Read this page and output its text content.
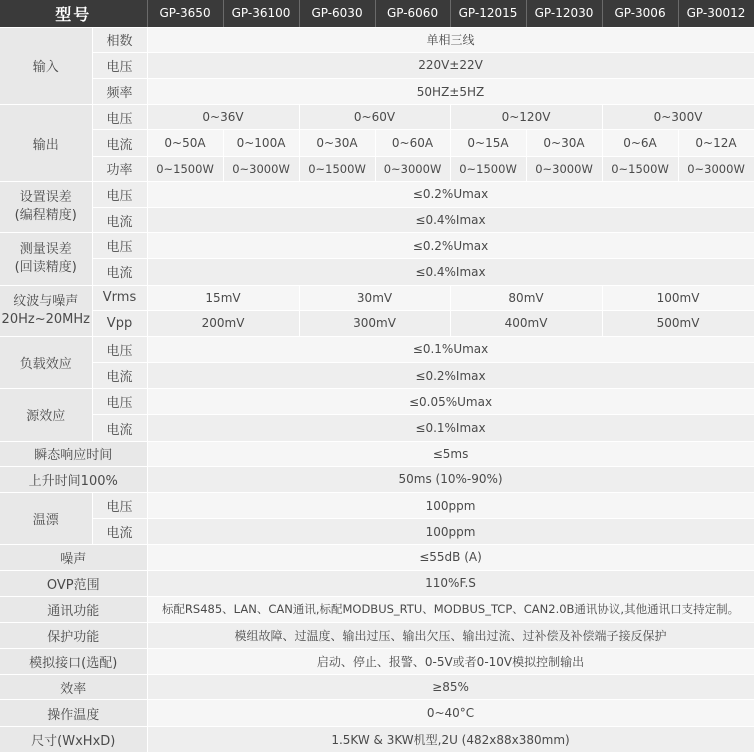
型号		GP-3650	GP-36100	GP-6030	GP-6060	GP-12015	GP-12030	GP-3006	GP-30012
输入	相数	单相三线							
	电压	220V±22V							
	频率	50HZ±5HZ							
输出	电压	0~36V		0~60V		0~120V		0~300V	
	电流	0~50A	0~100A	0~30A	0~60A	0~15A	0~30A	0~6A	0~12A
	功率	0~1500W	0~3000W	0~1500W	0~3000W	0~1500W	0~3000W	0~1500W	0~3000W
设置误差
(编程精度)	电压	≤0.2%Umax							
	电流	≤0.4%Imax							
测量误差
(回读精度)	电压	≤0.2%Umax							
	电流	≤0.4%Imax							
纹波与噪声
20Hz~20MHz	Vrms	15mV		30mV		80mV		100mV	
	Vpp	200mV		300mV		400mV		500mV	
负载效应	电压	≤0.1%Umax							
	电流	≤0.2%Imax							
源效应	电压	≤0.05%Umax							
	电流	≤0.1%Imax							
瞬态响应时间		≤5ms							
上升时间100%		50ms (10%-90%)							
温漂	电压	100ppm							
	电流	100ppm							
噪声		≤55dB (A)							
OVP范围		110%F.S							
通讯功能		标配RS485、LAN、CAN通讯,标配MODBUS_RTU、MODBUS_TCP、CAN2.0B通讯协议,其他通讯口支持定制。							
保护功能		模组故障、过温度、输出过压、输出欠压、输出过流、过补偿及补偿端子接反保护							
模拟接口(选配)		启动、停止、报警、0-5V或者0-10V模拟控制输出							
效率		≥85%							
操作温度		0~40°C							
尺寸(WxHxD)		1.5KW & 3KW机型,2U (482x88x380mm)							
